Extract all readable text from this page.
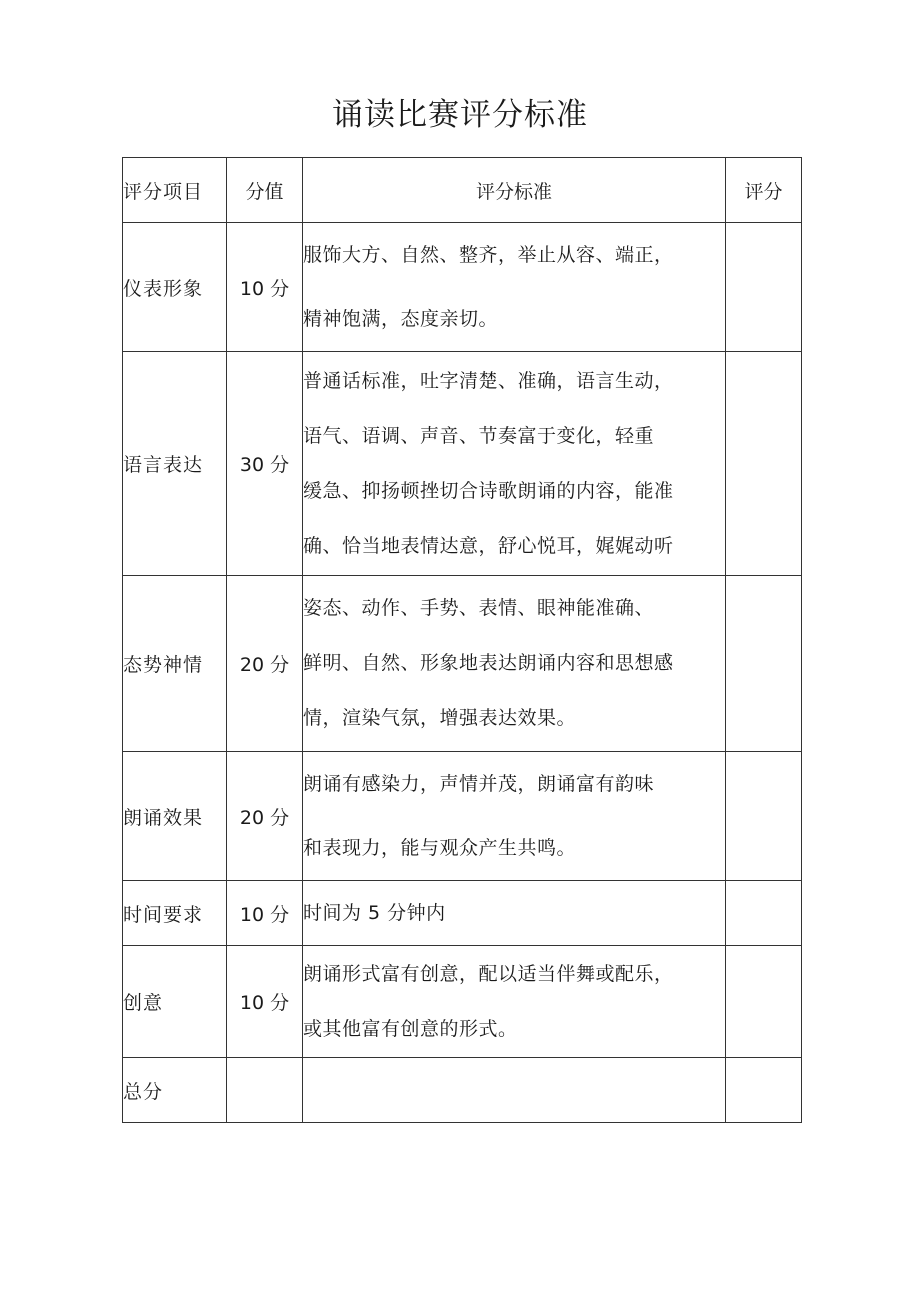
诵读比赛评分标准
评分项目	分值	评分标准	评分
仪表形象	10 分	服饰大方、自然、整齐，举止从容、端正，
精神饱满，态度亲切。	

语言表达	30 分	普通话标准，吐字清楚、准确，语言生动，
语气、语调、声音、节奏富于变化，轻重
缓急、抑扬顿挫切合诗歌朗诵的内容，能准
确、恰当地表情达意，舒心悦耳，娓娓动听	

态势神情	20 分	姿态、动作、手势、表情、眼神能准确、
鲜明、自然、形象地表达朗诵内容和思想感
情，渲染气氛，增强表达效果。	

朗诵效果	20 分	朗诵有感染力，声情并茂，朗诵富有韵味
和表现力，能与观众产生共鸣。	

时间要求	10 分	时间为 5 分钟内	

创意	10 分	朗诵形式富有创意，配以适当伴舞或配乐，
或其他富有创意的形式。	

总分			
